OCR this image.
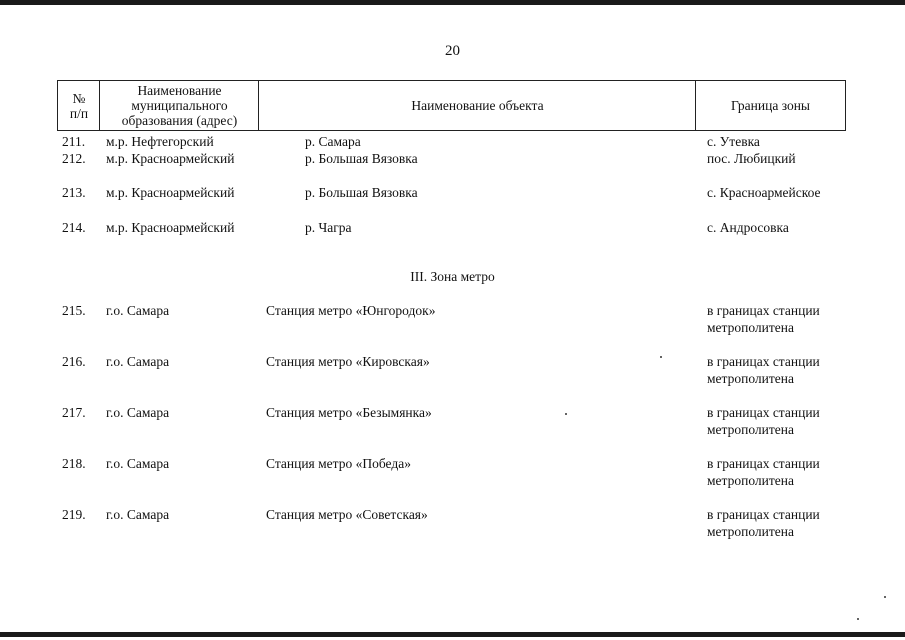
20
№
п/п
Наименование
муниципального
образования (адрес)
Наименование объекта	Граница зоны
211. м.р. Нефтегорский	р. Самара	с. Утевка
212. м.р. Красноармейский	р. Большая Вязовка	пос. Любицкий
213. м.р. Красноармейский	р. Большая Вязовка	с. Красноармейское
214. м.р. Красноармейский	р. Чагра	с. Андросовка
III. Зона метро
215. г.о. Самара	Станция метро «Юнгородок»	в границах станции
метрополитена
216. г.о. Самара	Станция метро «Кировская»	в границах станции
метрополитена
217. г.о. Самара	Станция метро «Безымянка»	в границах станции
метрополитена
218. г.о. Самара	Станция метро «Победа»	в границах станции
метрополитена
219. г.о. Самара	Станция метро «Советская»	в границах станции
метрополитена
